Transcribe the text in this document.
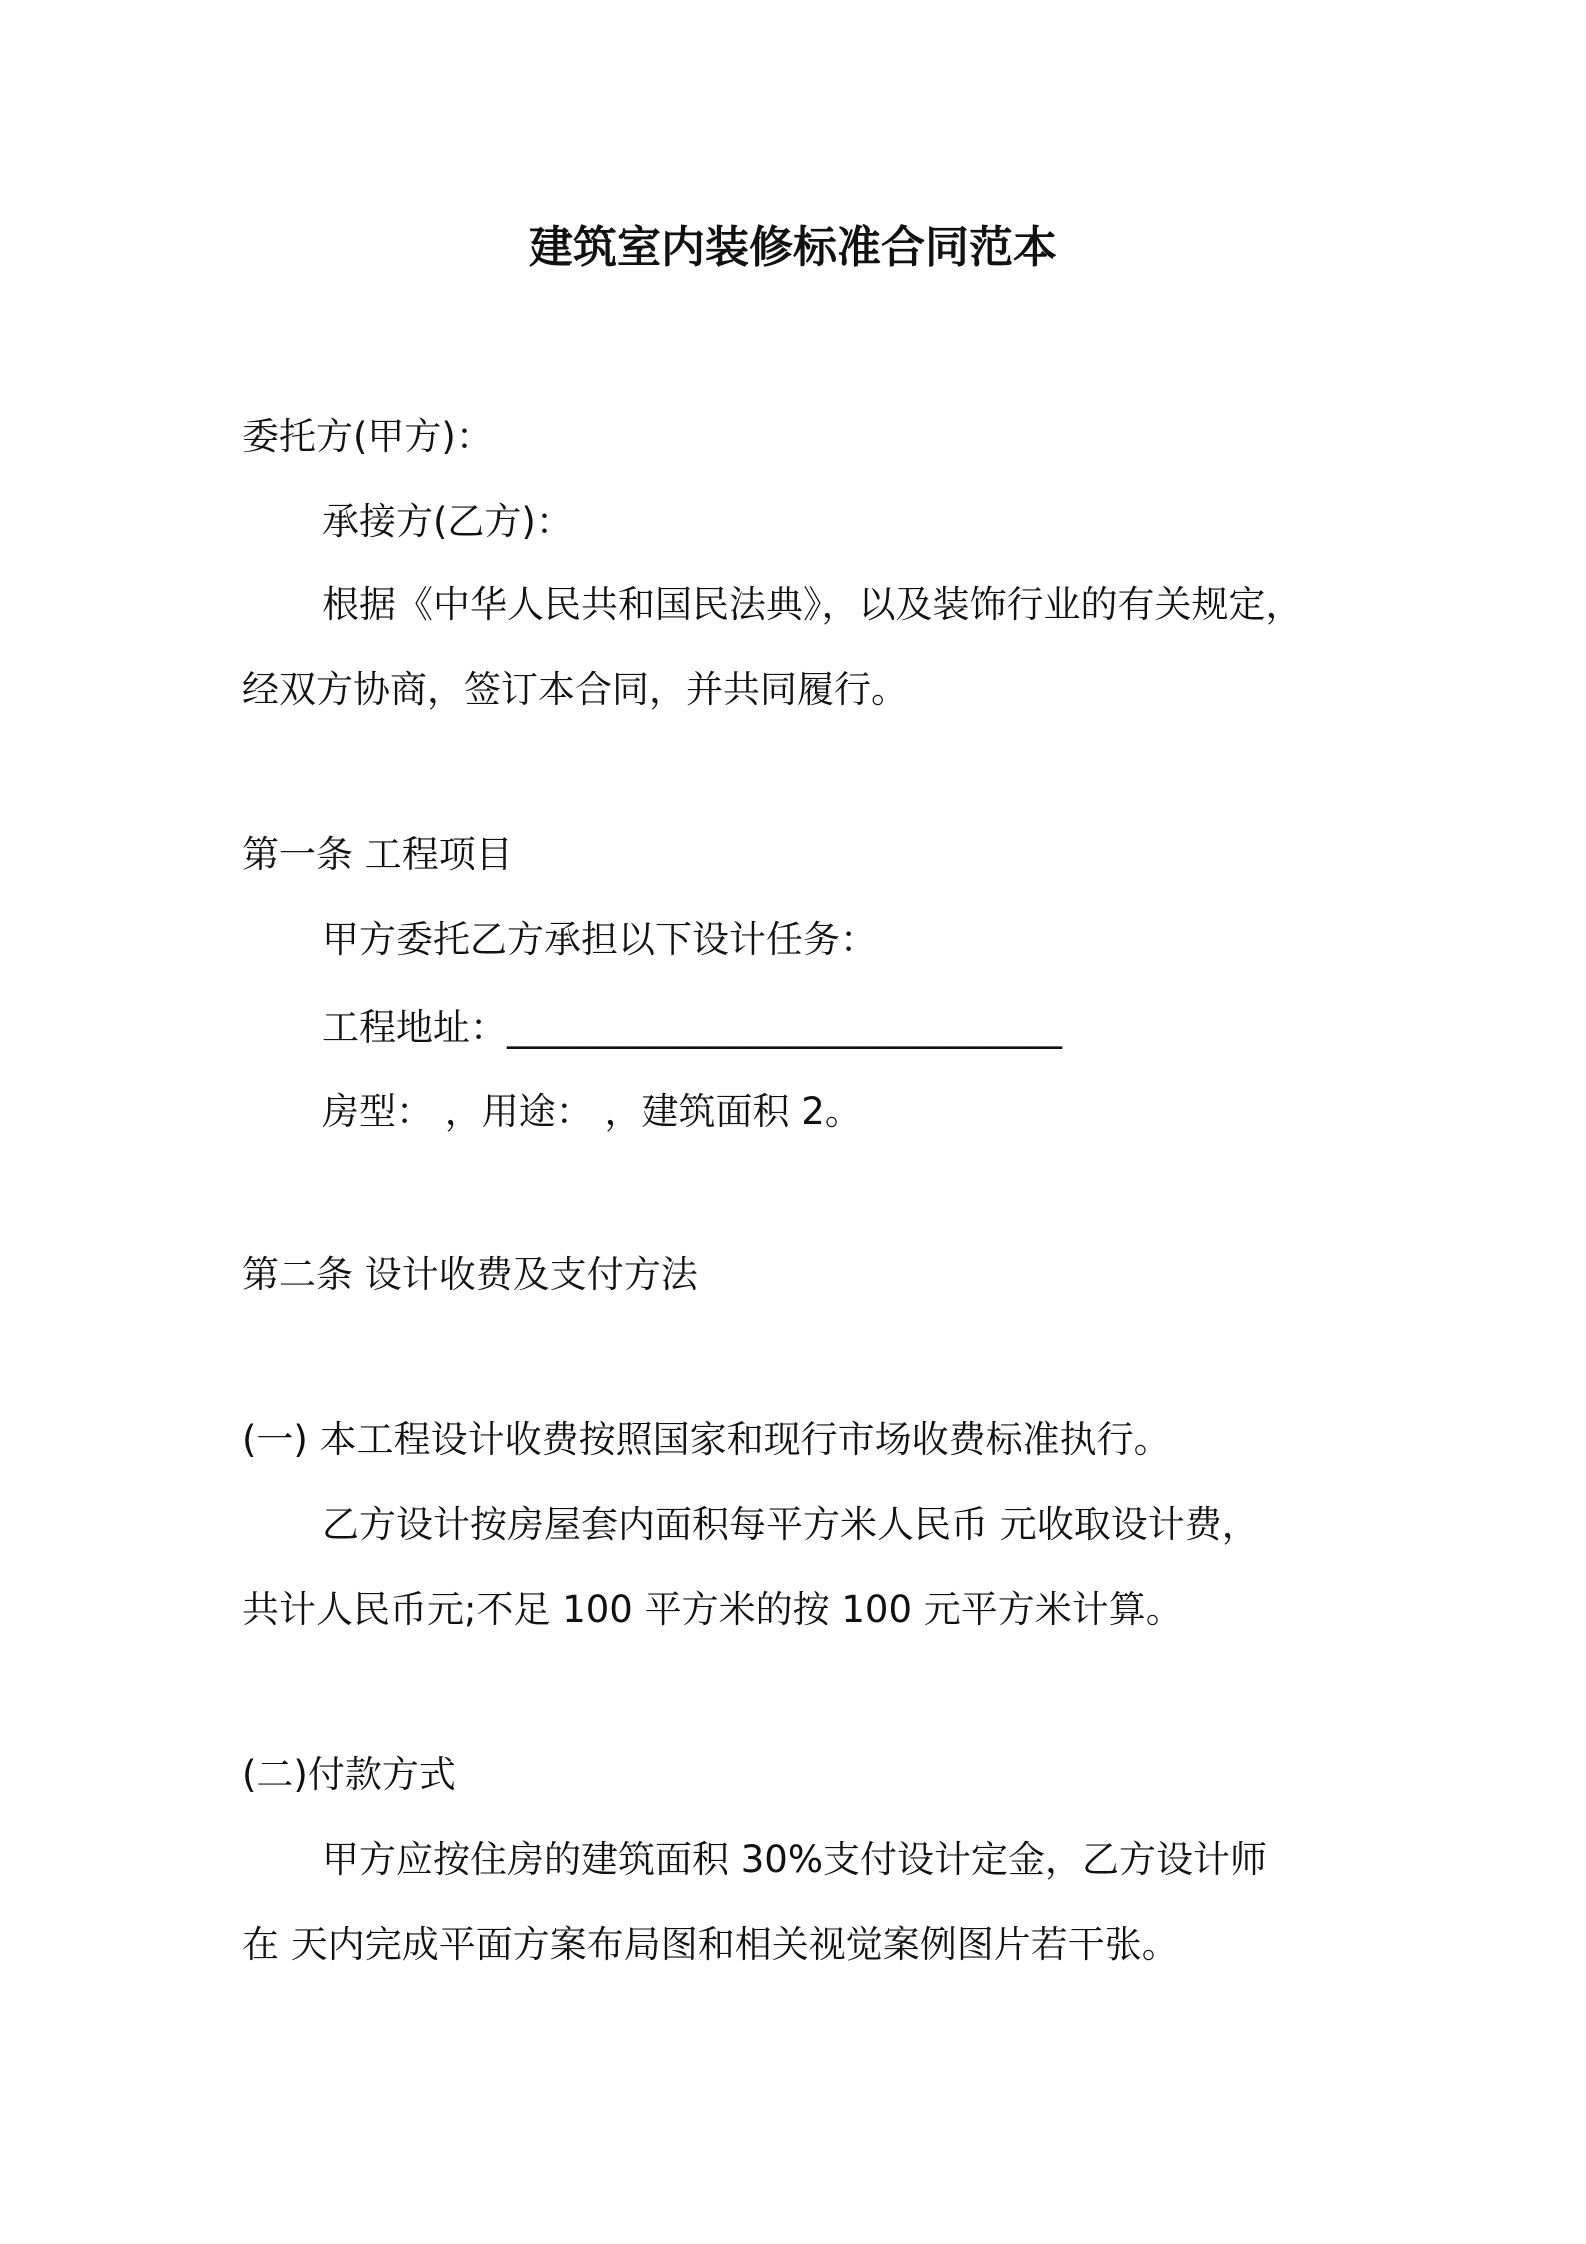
建筑室内装修标准合同范本
委托方(甲方)：
承接方(乙方)：
根据《中华人民共和国民法典》，以及装饰行业的有关规定，
经双方协商，签订本合同，并共同履行。
第一条 工程项目
甲方委托乙方承担以下设计任务：
工程地址：______________________________
房型： ，用途： ，建筑面积 2。
第二条 设计收费及支付方法
(一) 本工程设计收费按照国家和现行市场收费标准执行。
乙方设计按房屋套内面积每平方米人民币 元收取设计费，
共计人民币元;不足 100 平方米的按 100 元平方米计算。
(二)付款方式
甲方应按住房的建筑面积 30%支付设计定金，乙方设计师
在 天内完成平面方案布局图和相关视觉案例图片若干张。
